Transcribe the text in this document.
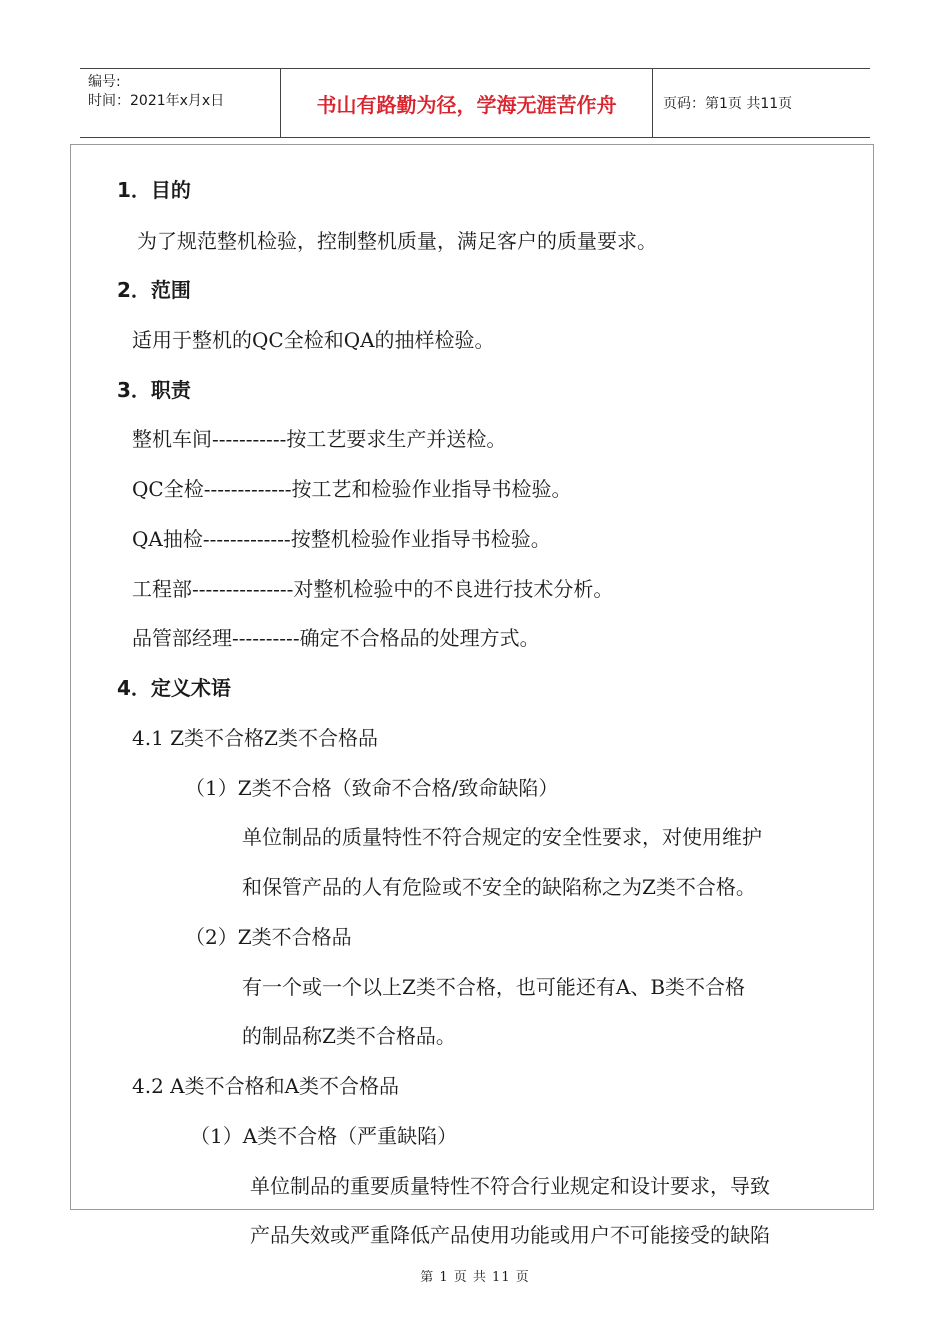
编号:
时间：2021年x月x日	书山有路勤为径，学海无涯苦作舟	页码：第1页 共11页
1．目的
为了规范整机检验，控制整机质量，满足客户的质量要求。
2．范围
适用于整机的QC全检和QA的抽样检验。
3．职责
整机车间-----------按工艺要求生产并送检。
QC全检-------------按工艺和检验作业指导书检验。
QA抽检-------------按整机检验作业指导书检验。
工程部---------------对整机检验中的不良进行技术分析。
品管部经理----------确定不合格品的处理方式。
4．定义术语
4.1 Z类不合格Z类不合格品
（1）Z类不合格（致命不合格/致命缺陷）
单位制品的质量特性不符合规定的安全性要求，对使用维护
和保管产品的人有危险或不安全的缺陷称之为Z类不合格。
（2）Z类不合格品
有一个或一个以上Z类不合格，也可能还有A、B类不合格
的制品称Z类不合格品。
4.2 A类不合格和A类不合格品
（1）A类不合格（严重缺陷）
单位制品的重要质量特性不符合行业规定和设计要求，导致
产品失效或严重降低产品使用功能或用户不可能接受的缺陷
第 1 页 共 11 页
